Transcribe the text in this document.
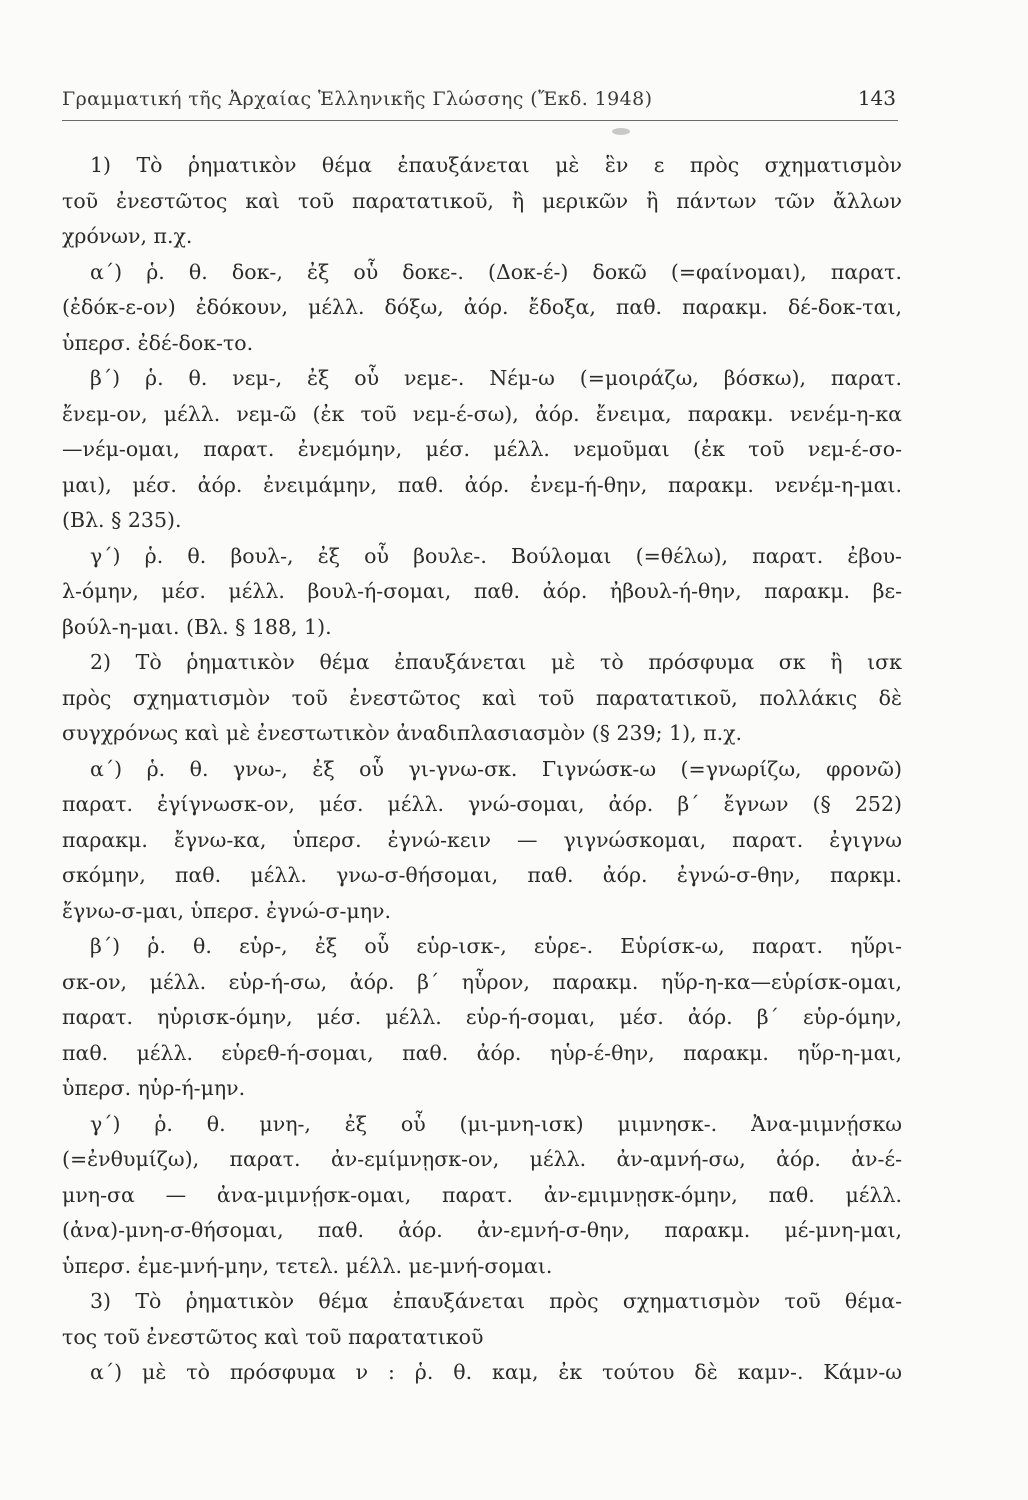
Γραμματική τῆς Ἀρχαίας Ἑλληνικῆς Γλώσσης (Ἔκδ. 1948)	143
1) Τὸ ῥηματικὸν θέμα ἐπαυξάνεται μὲ ἓν ε πρὸς σχηματισμὸν
τοῦ ἐνεστῶτος καὶ τοῦ παρατατικοῦ, ἢ μερικῶν ἢ πάντων τῶν ἄλλων
χρόνων, π.χ.
α΄) ῥ. θ. δοκ-, ἐξ οὗ δοκε-. (Δοκ-έ-) δοκῶ (=φαίνομαι), παρατ.
(ἐδόκ-ε-ον) ἐδόκουν, μέλλ. δόξω, ἀόρ. ἔδοξα, παθ. παρακμ. δέ-δοκ-ται,
ὑπερσ. ἐδέ-δοκ-το.
β΄) ῥ. θ. νεμ-, ἐξ οὗ νεμε-. Νέμ-ω (=μοιράζω, βόσκω), παρατ.
ἔνεμ-ον, μέλλ. νεμ-ῶ (ἐκ τοῦ νεμ-έ-σω), ἀόρ. ἔνειμα, παρακμ. νενέμ-η-κα
—νέμ-ομαι, παρατ. ἐνεμόμην, μέσ. μέλλ. νεμοῦμαι (ἐκ τοῦ νεμ-έ-σο-
μαι), μέσ. ἀόρ. ἐνειμάμην, παθ. ἀόρ. ἐνεμ-ή-θην, παρακμ. νενέμ-η-μαι.
(Βλ. § 235).
γ΄) ῥ. θ. βουλ-, ἐξ οὗ βουλε-. Βούλομαι (=θέλω), παρατ. ἐβου-
λ-όμην, μέσ. μέλλ. βουλ-ή-σομαι, παθ. ἀόρ. ἠβουλ-ή-θην, παρακμ. βε-
βούλ-η-μαι. (Βλ. § 188, 1).
2) Τὸ ῥηματικὸν θέμα ἐπαυξάνεται μὲ τὸ πρόσφυμα σκ ἢ ισκ
πρὸς σχηματισμὸν τοῦ ἐνεστῶτος καὶ τοῦ παρατατικοῦ, πολλάκις δὲ
συγχρόνως καὶ μὲ ἐνεστωτικὸν ἀναδιπλασιασμὸν (§ 239; 1), π.χ.
α΄) ῥ. θ. γνω-, ἐξ οὗ γι-γνω-σκ. Γιγνώσκ-ω (=γνωρίζω, φρονῶ)
παρατ. ἐγίγνωσκ-ον, μέσ. μέλλ. γνώ-σομαι, ἀόρ. β΄ ἔγνων (§ 252)
παρακμ. ἔγνω-κα, ὑπερσ. ἐγνώ-κειν — γιγνώσκομαι, παρατ. ἐγιγνω
σκόμην, παθ. μέλλ. γνω-σ-θήσομαι, παθ. ἀόρ. ἐγνώ-σ-θην, παρκμ.
ἔγνω-σ-μαι, ὑπερσ. ἐγνώ-σ-μην.
β΄) ῥ. θ. εὑρ-, ἐξ οὗ εὑρ-ισκ-, εὑρε-. Εὑρίσκ-ω, παρατ. ηὕρι-
σκ-ον, μέλλ. εὑρ-ή-σω, ἀόρ. β΄ ηὗρον, παρακμ. ηὕρ-η-κα—εὑρίσκ-ομαι,
παρατ. ηὑρισκ-όμην, μέσ. μέλλ. εὑρ-ή-σομαι, μέσ. ἀόρ. β΄ εὑρ-όμην,
παθ. μέλλ. εὑρεθ-ή-σομαι, παθ. ἀόρ. ηὑρ-έ-θην, παρακμ. ηὕρ-η-μαι,
ὑπερσ. ηὑρ-ή-μην.
γ΄) ῥ. θ. μνη-, ἐξ οὗ (μι-μνη-ισκ) μιμνησκ-. Ἀνα-μιμνῄσκω
(=ἐνθυμίζω), παρατ. ἀν-εμίμνῃσκ-ον, μέλλ. ἀν-αμνή-σω, ἀόρ. ἀν-έ-
μνη-σα — ἀνα-μιμνῄσκ-ομαι, παρατ. ἀν-εμιμνῃσκ-όμην, παθ. μέλλ.
(ἀνα)-μνη-σ-θήσομαι, παθ. ἀόρ. ἀν-εμνή-σ-θην, παρακμ. μέ-μνη-μαι,
ὑπερσ. ἐμε-μνή-μην, τετελ. μέλλ. με-μνή-σομαι.
3) Τὸ ῥηματικὸν θέμα ἐπαυξάνεται πρὸς σχηματισμὸν τοῦ θέμα-
τος τοῦ ἐνεστῶτος καὶ τοῦ παρατατικοῦ
α΄) μὲ τὸ πρόσφυμα ν : ῥ. θ. καμ, ἐκ τούτου δὲ καμν-. Κάμν-ω
